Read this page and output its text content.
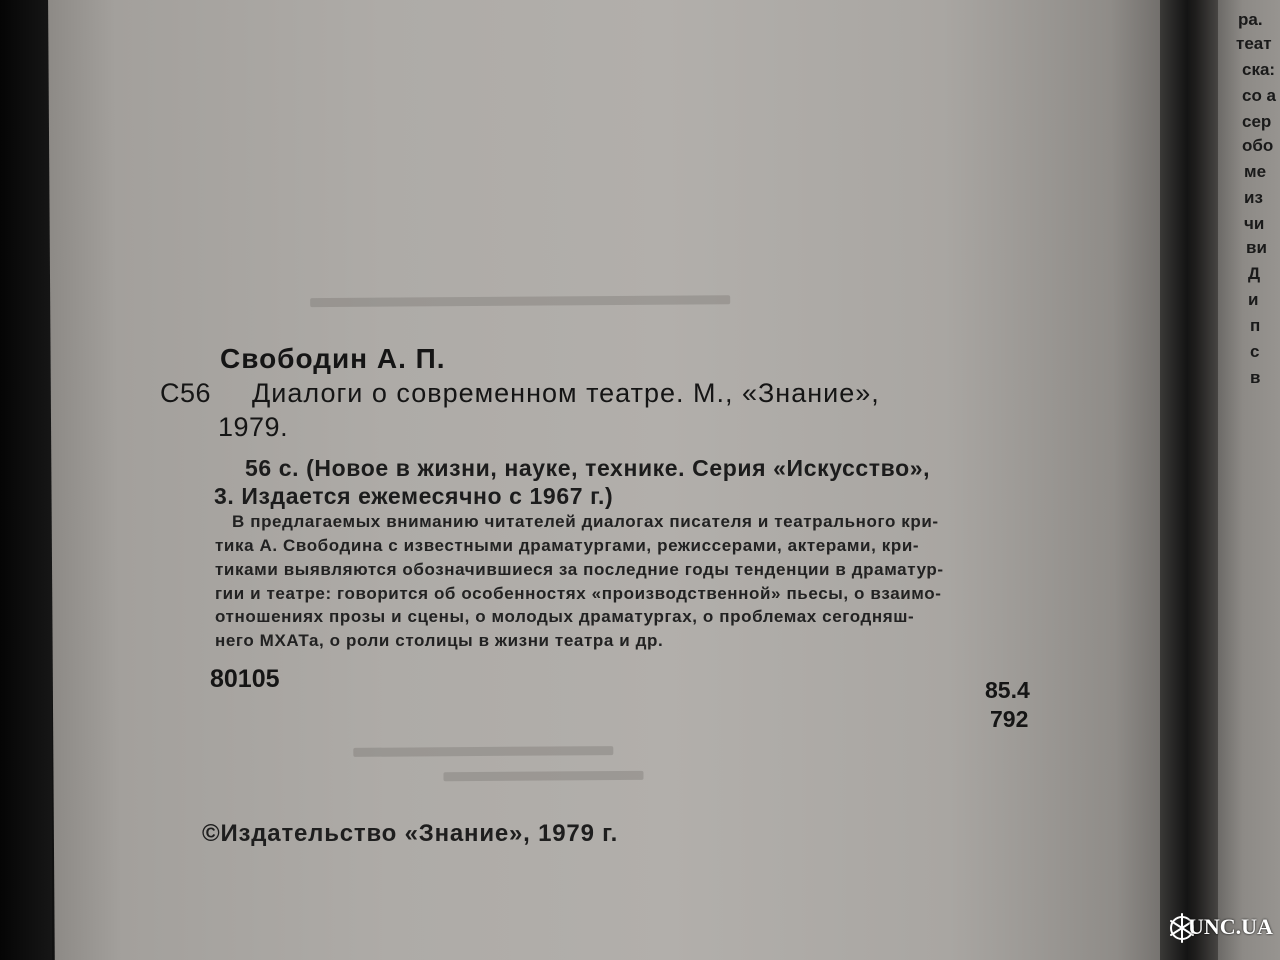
Свободин А. П.
С56 Диалоги о современном театре. М., «Знание»,
1979.
56 с. (Новое в жизни, науке, технике. Серия «Искусство»,
3. Издается ежемесячно с 1967 г.)
В предлагаемых вниманию читателей диалогах писателя и театрального кри-
тика А. Свободина с известными драматургами, режиссерами, актерами, кри-
тиками выявляются обозначившиеся за последние годы тенденции в драматур-
гии и театре: говорится об особенностях «производственной» пьесы, о взаимо-
отношениях прозы и сцены, о молодых драматургах, о проблемах сегодняш-
него МХАТа, о роли столицы в жизни театра и др.
80105	85.4
792
©Издательство «Знание», 1979 г.
ра.
теат
ска:
со а
сер
обо
ме
из
чи
ви
Д
и
п
с
в
UNC.UA
